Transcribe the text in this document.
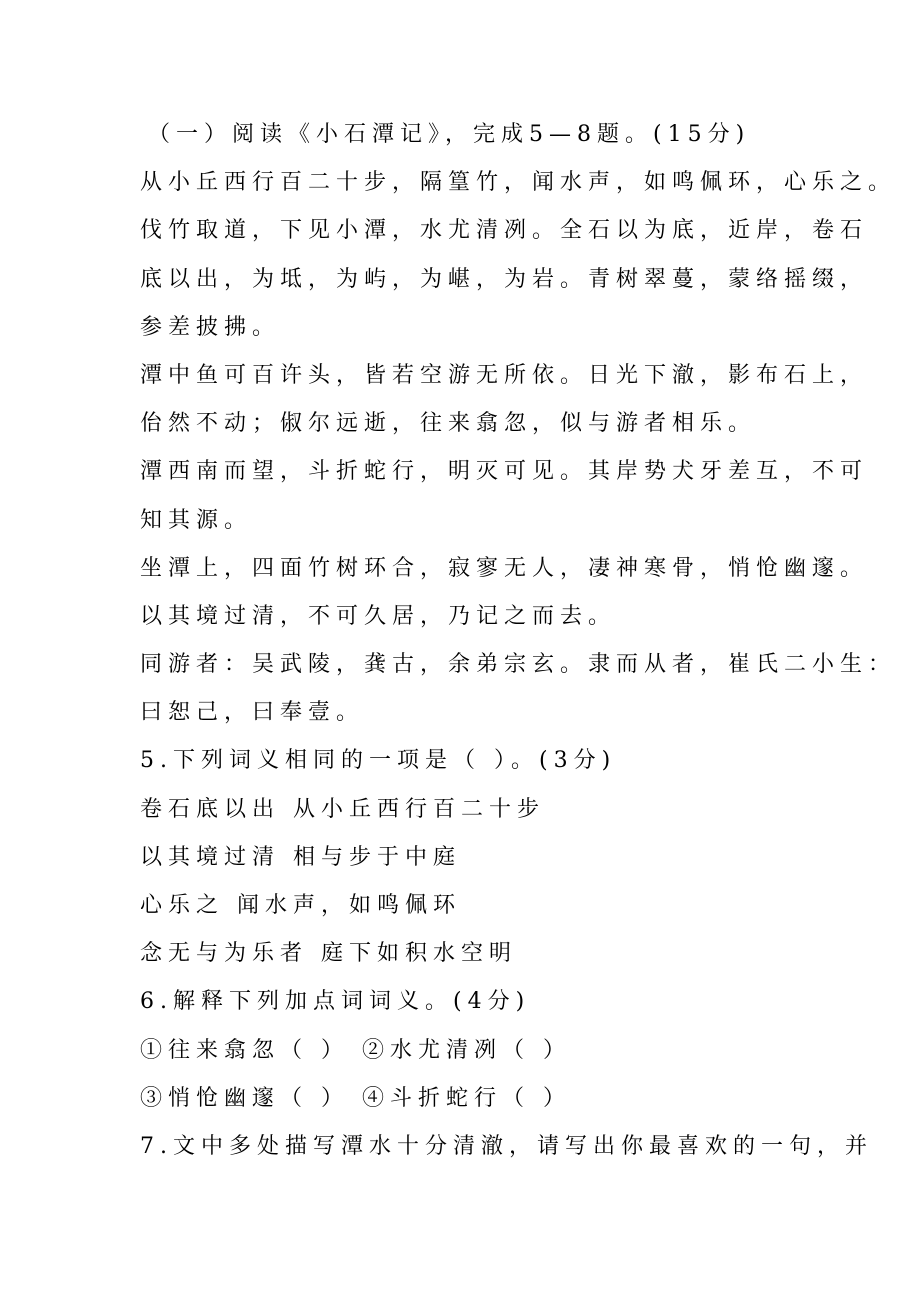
（一）阅读《小石潭记》，完成5—8题。(15分)
从小丘西行百二十步，隔篁竹，闻水声，如鸣佩环，心乐之。
伐竹取道，下见小潭，水尤清冽。全石以为底，近岸，卷石
底以出，为坻，为屿，为嵁，为岩。青树翠蔓，蒙络摇缀，
参差披拂。
潭中鱼可百许头，皆若空游无所依。日光下澈，影布石上，
佁然不动；俶尔远逝，往来翕忽，似与游者相乐。
潭西南而望，斗折蛇行，明灭可见。其岸势犬牙差互，不可
知其源。
坐潭上，四面竹树环合，寂寥无人，凄神寒骨，悄怆幽邃。
以其境过清，不可久居，乃记之而去。
同游者：吴武陵，龚古，余弟宗玄。隶而从者，崔氏二小生：
曰恕己，曰奉壹。
5.下列词义相同的一项是（ ）。(3分)
卷石底以出 从小丘西行百二十步
以其境过清 相与步于中庭
心乐之 闻水声，如鸣佩环
念无与为乐者 庭下如积水空明
6.解释下列加点词词义。(4分)
①往来翕忽（ ） ②水尤清冽（ ）
③悄怆幽邃（ ） ④斗折蛇行（ ）
7.文中多处描写潭水十分清澈，请写出你最喜欢的一句，并
